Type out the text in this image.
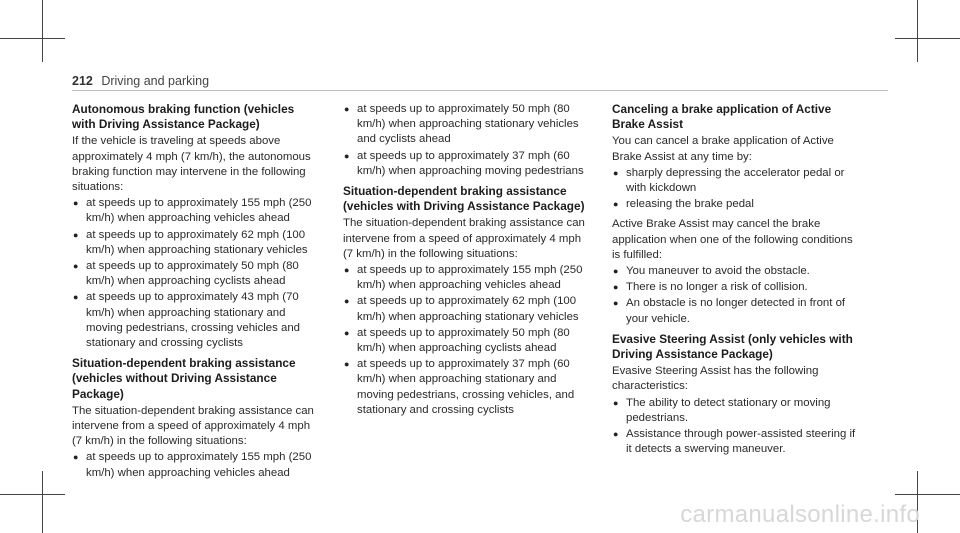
212 Driving and parking
Autonomous braking function (vehicles with Driving Assistance Package)

If the vehicle is traveling at speeds above approximately 4 mph (7 km/h), the autonomous braking function may intervene in the following situations:

● at speeds up to approximately 155 mph (250 km/h) when approaching vehicles ahead
● at speeds up to approximately 62 mph (100 km/h) when approaching stationary vehicles
● at speeds up to approximately 50 mph (80 km/h) when approaching cyclists ahead
● at speeds up to approximately 43 mph (70 km/h) when approaching stationary and moving pedestrians, crossing vehicles and stationary and crossing cyclists
Situation-dependent braking assistance (vehicles without Driving Assistance Package)

The situation-dependent braking assistance can intervene from a speed of approximately 4 mph (7 km/h) in the following situations:

● at speeds up to approximately 155 mph (250 km/h) when approaching vehicles ahead
● at speeds up to approximately 50 mph (80 km/h) when approaching stationary vehicles and cyclists ahead
● at speeds up to approximately 37 mph (60 km/h) when approaching moving pedestrians
Situation-dependent braking assistance (vehicles with Driving Assistance Package)

The situation-dependent braking assistance can intervene from a speed of approximately 4 mph (7 km/h) in the following situations:

● at speeds up to approximately 155 mph (250 km/h) when approaching vehicles ahead
● at speeds up to approximately 62 mph (100 km/h) when approaching stationary vehicles
● at speeds up to approximately 50 mph (80 km/h) when approaching cyclists ahead
● at speeds up to approximately 37 mph (60 km/h) when approaching stationary and moving pedestrians, crossing vehicles, and stationary and crossing cyclists
Canceling a brake application of Active Brake Assist

You can cancel a brake application of Active Brake Assist at any time by:

● sharply depressing the accelerator pedal or with kickdown
● releasing the brake pedal

Active Brake Assist may cancel the brake application when one of the following conditions is fulfilled:

● You maneuver to avoid the obstacle.
● There is no longer a risk of collision.
● An obstacle is no longer detected in front of your vehicle.
Evasive Steering Assist (only vehicles with Driving Assistance Package)

Evasive Steering Assist has the following characteristics:

● The ability to detect stationary or moving pedestrians.
● Assistance through power-assisted steering if it detects a swerving maneuver.
carmanualsonline.info
